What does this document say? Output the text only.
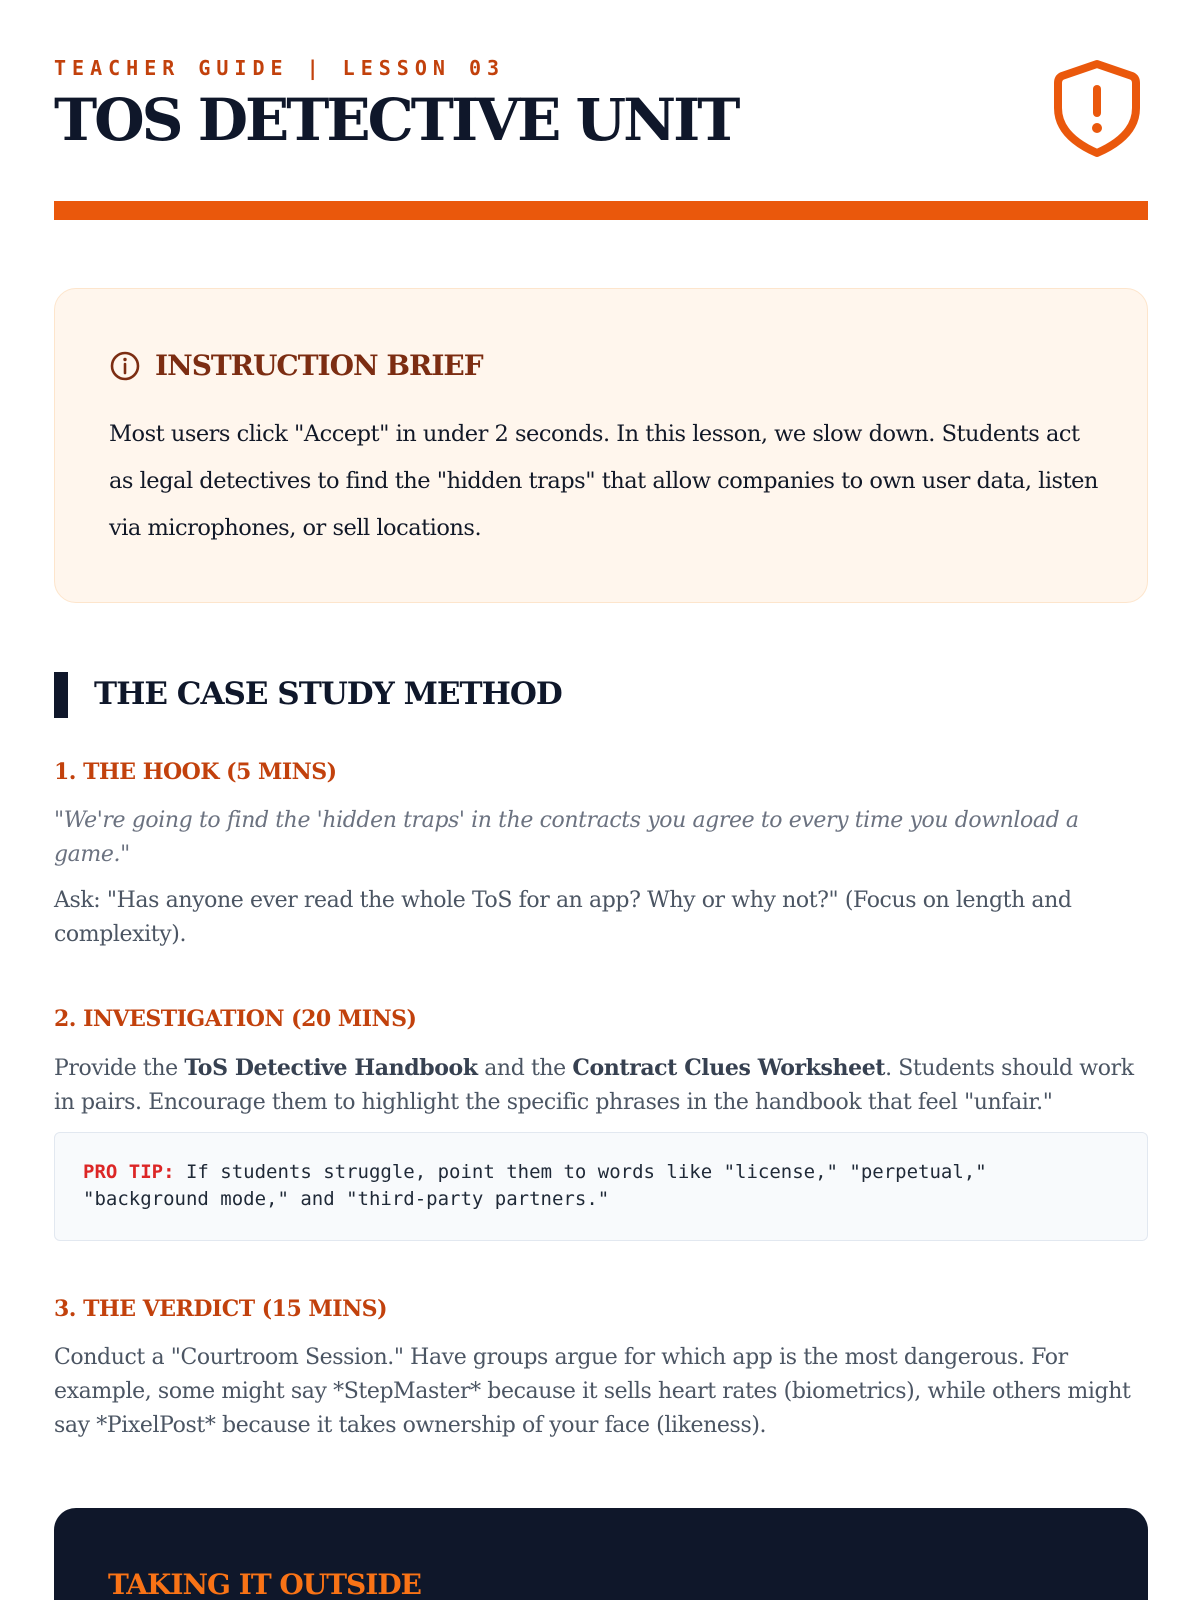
TEACHER GUIDE | LESSON 03
TOS DETECTIVE UNIT
INSTRUCTION BRIEF

Most users click "Accept" in under 2 seconds. In this lesson, we slow down. Students act as legal detectives to find the "hidden traps" that allow companies to own user data, listen via microphones, or sell locations.

THE CASE STUDY METHOD
1. THE HOOK (5 MINS)

"We're going to find the 'hidden traps' in the contracts you agree to every time you download a game."

Ask: "Has anyone ever read the whole ToS for an app? Why or why not?" (Focus on length and complexity).

2. INVESTIGATION (20 MINS)

Provide the ToS Detective Handbook and the Contract Clues Worksheet. Students should work in pairs. Encourage them to highlight the specific phrases in the handbook that feel "unfair."

PRO TIP: If students struggle, point them to words like "license," "perpetual," "background mode," and "third-party partners."
3. THE VERDICT (15 MINS)

Conduct a "Courtroom Session." Have groups argue for which app is the most dangerous. For example, some might say *StepMaster* because it sells heart rates (biometrics), while others might say *PixelPost* because it takes ownership of your face (likeness).

TAKING IT OUTSIDE
